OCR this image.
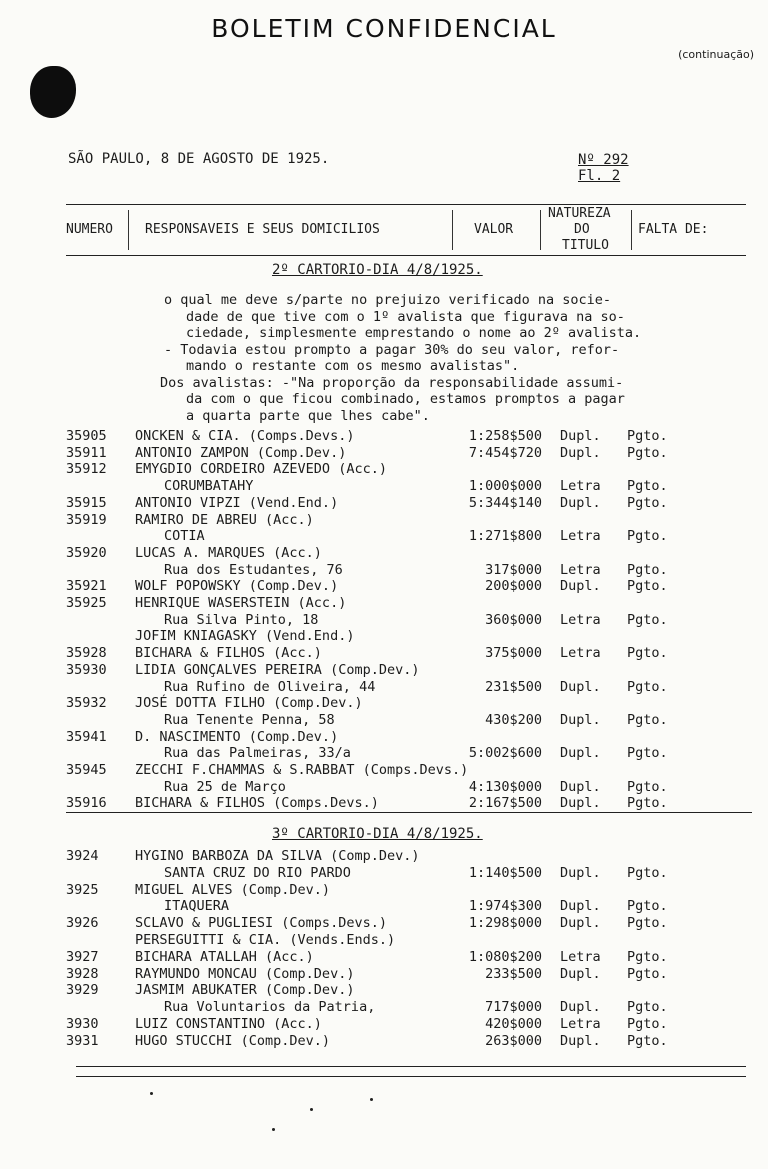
BOLETIM CONFIDENCIAL
(continuação)
SÃO PAULO, 8 DE AGOSTO DE 1925.	Nº 292
Fl. 2
NUMERO RESPONSAVEIS E SEUS DOMICILIOS	VALOR
NATUREZA
DO
TITULO
FALTA DE:
2º CARTORIO-DIA 4/8/1925.
o qual me deve s/parte no prejuizo verificado na socie-
dade de que tive com o 1º avalista que figurava na so-
ciedade, simplesmente emprestando o nome ao 2º avalista.
- Todavia estou prompto a pagar 30% do seu valor, refor-
mando o restante com os mesmo avalistas".
Dos avalistas: -"Na proporção da responsabilidade assumi-
da com o que ficou combinado, estamos promptos a pagar
a quarta parte que lhes cabe".
35905 ONCKEN & CIA. (Comps.Devs.)	1:258$500 Dupl. Pgto.
35911 ANTONIO ZAMPON (Comp.Dev.)	7:454$720 Dupl. Pgto.
35912 EMYGDIO CORDEIRO AZEVEDO (Acc.)
CORUMBATAHY	1:000$000 Letra Pgto.
35915 ANTONIO VIPZI (Vend.End.)	5:344$140 Dupl. Pgto.
35919 RAMIRO DE ABREU (Acc.)
COTIA	1:271$800 Letra Pgto.
35920 LUCAS A. MARQUES (Acc.)
Rua dos Estudantes, 76	317$000 Letra Pgto.
35921 WOLF POPOWSKY (Comp.Dev.)	200$000 Dupl. Pgto.
35925 HENRIQUE WASERSTEIN (Acc.)
Rua Silva Pinto, 18	360$000 Letra Pgto.
JOFIM KNIAGASKY (Vend.End.)
35928 BICHARA & FILHOS (Acc.)	375$000 Letra Pgto.
35930 LIDIA GONÇALVES PEREIRA (Comp.Dev.)
Rua Rufino de Oliveira, 44	231$500 Dupl. Pgto.
35932 JOSÉ DOTTA FILHO (Comp.Dev.)
Rua Tenente Penna, 58	430$200 Dupl. Pgto.
35941 D. NASCIMENTO (Comp.Dev.)
Rua das Palmeiras, 33/a	5:002$600 Dupl. Pgto.
35945 ZECCHI F.CHAMMAS & S.RABBAT (Comps.Devs.)
Rua 25 de Março	4:130$000 Dupl. Pgto.
35916 BICHARA & FILHOS (Comps.Devs.)	2:167$500 Dupl. Pgto.
3º CARTORIO-DIA 4/8/1925.
3924	HYGINO BARBOZA DA SILVA (Comp.Dev.)
SANTA CRUZ DO RIO PARDO	1:140$500 Dupl. Pgto.
3925	MIGUEL ALVES (Comp.Dev.)
ITAQUERA	1:974$300 Dupl. Pgto.
3926	SCLAVO & PUGLIESI (Comps.Devs.)	1:298$000 Dupl. Pgto.
PERSEGUITTI & CIA. (Vends.Ends.)
3927	BICHARA ATALLAH (Acc.)	1:080$200 Letra Pgto.
3928	RAYMUNDO MONCAU (Comp.Dev.)	233$500 Dupl. Pgto.
3929	JASMIM ABUKATER (Comp.Dev.)
Rua Voluntarios da Patria,	717$000 Dupl. Pgto.
3930	LUIZ CONSTANTINO (Acc.)	420$000 Letra Pgto.
3931	HUGO STUCCHI (Comp.Dev.)	263$000 Dupl. Pgto.
